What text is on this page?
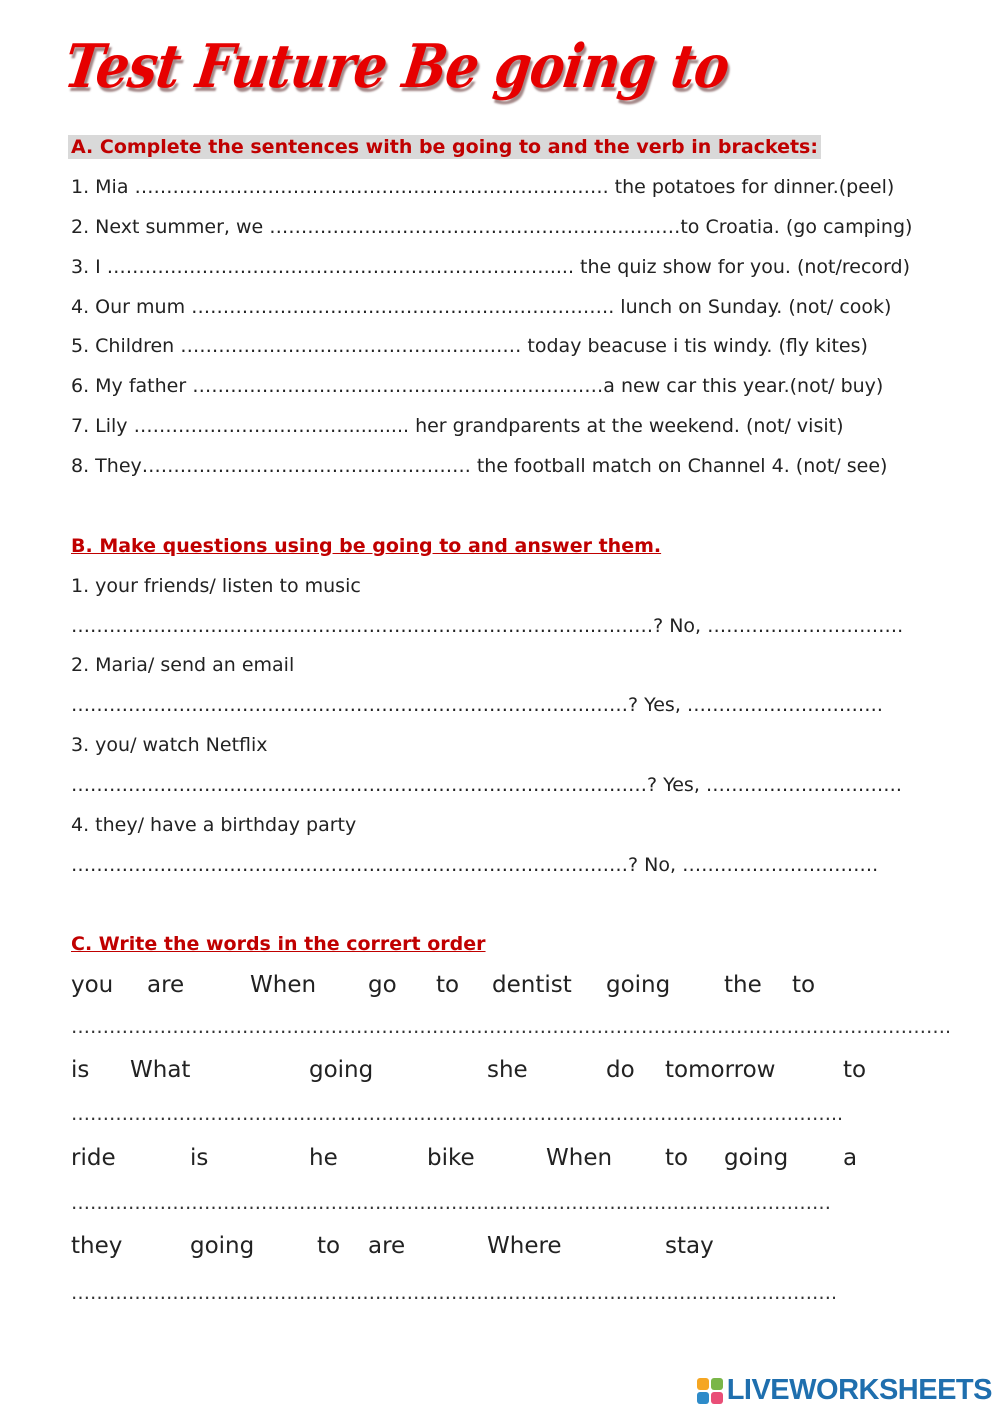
Test Future Be going to
A. Complete the sentences with be going to and the verb in brackets:
1. Mia ……………………………………….…………….…………. the potatoes for dinner.(peel)
2. Next summer, we ……………….……………………………….………to Croatia. (go camping)
3. I …………………………………………….……………….... the quiz show for you. (not/record)
4. Our mum ……………….……….……………….………………. lunch on Sunday. (not/ cook)
5. Children ……………………..……………….……… today beacuse i tis windy. (fly kites)
6. My father ……………………………….….……………………a new car this year.(not/ buy)
7. Lily ……………………………........... her grandparents at the weekend. (not/ visit)
8. They……………………………………………. the football match on Channel 4. (not/ see)
B. Make questions using be going to and answer them.
1. your friends/ listen to music
………………………………………………………………………..………? No, ………………………….
2. Maria/ send an email
……………………………………………………………………….……? Yes, ………………………….
3. you/ watch Netflix
……………………………………………………………….………………? Yes, ………………………….
4. they/ have a birthday party
……………………………………………………………….……………? No, ………………………….
C. Write the words in the corrert order
you are	When go to dentist going the to
………………………………………………………………………………………………………………………….
is What	going	she	do tomorrow	to
…………………………………………………………………………………………………………..
ride	is	he	bike	When to going a
…………………………………………………………………………………………………………
they	going	to are	Where	stay
………………………………………………………………………………………………………….
LIVEWORKSHEETS
